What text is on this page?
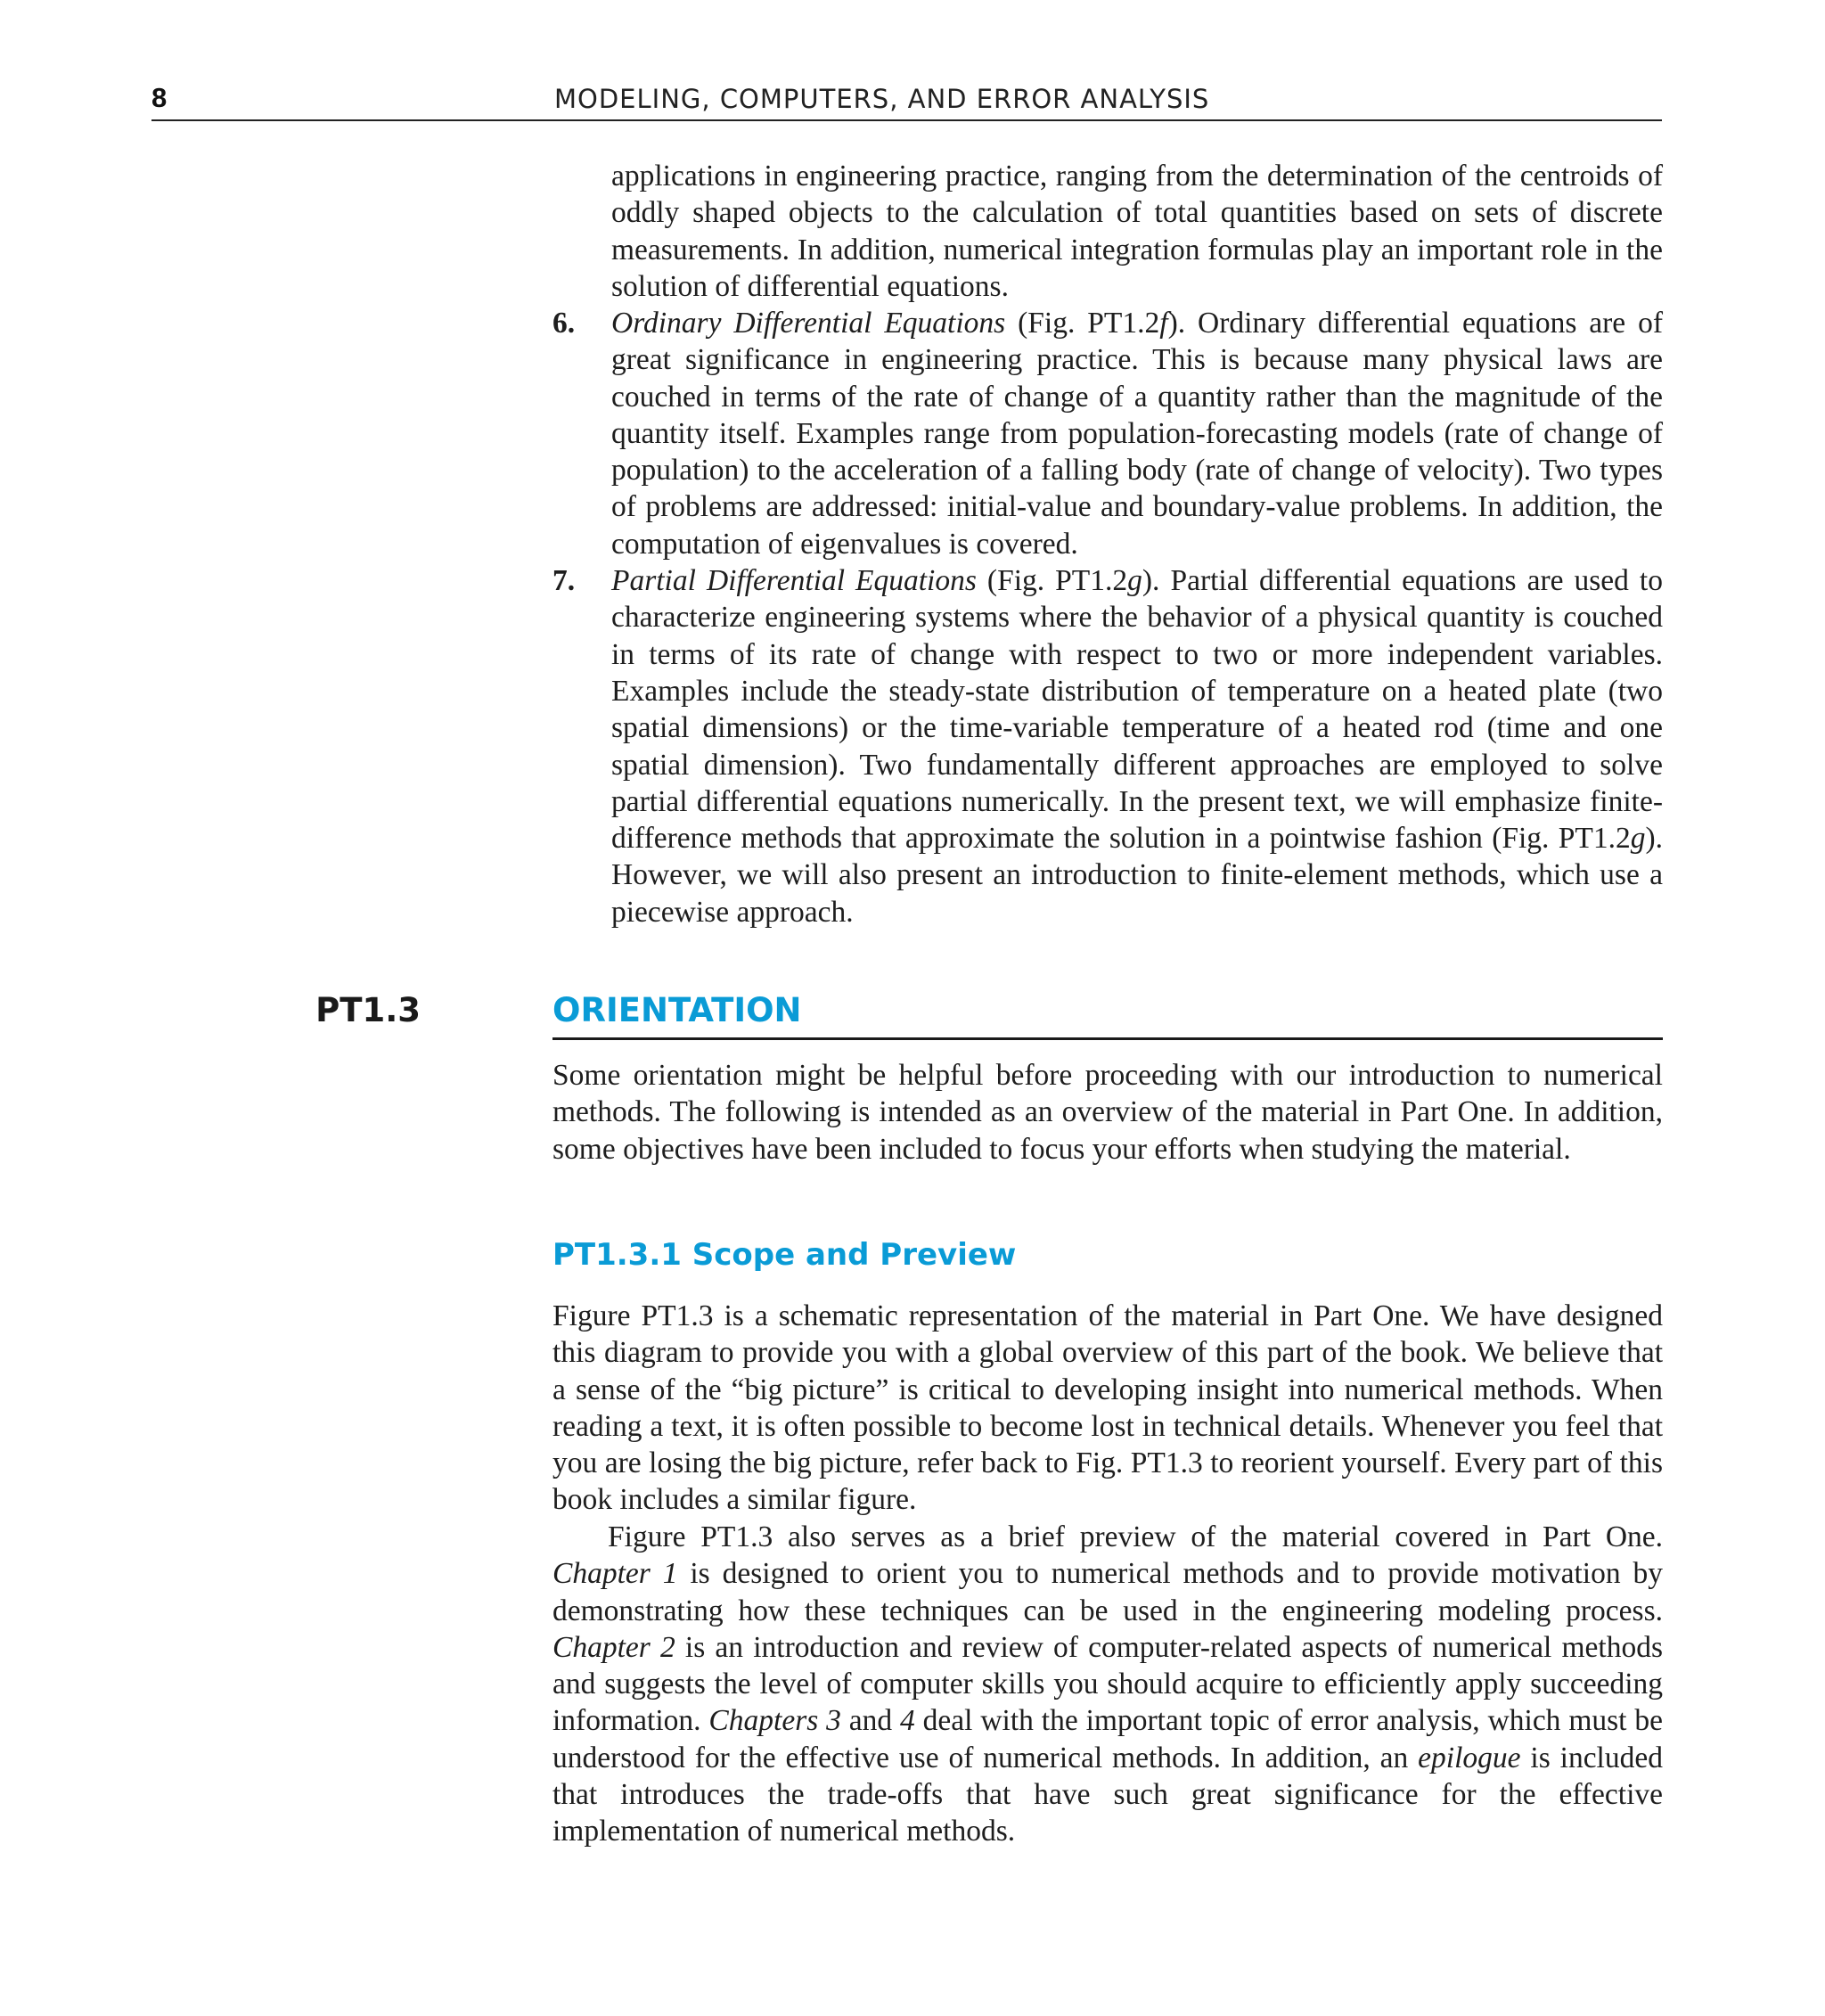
8	MODELING, COMPUTERS, AND ERROR ANALYSIS

applications in engineering practice, ranging from the determination of the centroids of oddly shaped objects to the calculation of total quantities based on sets of discrete measurements. In addition, numerical integration formulas play an important role in the solution of differential equations.

6. Ordinary Differential Equations (Fig. PT1.2f). Ordinary differential equations are of great significance in engineering practice. This is because many physical laws are couched in terms of the rate of change of a quantity rather than the magnitude of the quantity itself. Examples range from population-forecasting models (rate of change of population) to the acceleration of a falling body (rate of change of velocity). Two types of problems are addressed: initial-value and boundary-value problems. In addition, the computation of eigenvalues is covered.
7. Partial Differential Equations (Fig. PT1.2g). Partial differential equations are used to characterize engineering systems where the behavior of a physical quantity is couched in terms of its rate of change with respect to two or more independent variables. Examples include the steady-state distribution of temperature on a heated plate (two spatial dimensions) or the time-variable temperature of a heated rod (time and one spatial dimension). Two fundamentally different approaches are employed to solve partial differential equations numerically. In the present text, we will emphasize finite-difference methods that approximate the solution in a pointwise fashion (Fig. PT1.2g). However, we will also present an introduction to finite-element methods, which use a piecewise approach.
PT1.3	ORIENTATION

Some orientation might be helpful before proceeding with our introduction to numerical methods. The following is intended as an overview of the material in Part One. In addition, some objectives have been included to focus your efforts when studying the material.

PT1.3.1 Scope and Preview

Figure PT1.3 is a schematic representation of the material in Part One. We have designed this diagram to provide you with a global overview of this part of the book. We believe that a sense of the “big picture” is critical to developing insight into numerical methods. When reading a text, it is often possible to become lost in technical details. Whenever you feel that you are losing the big picture, refer back to Fig. PT1.3 to reorient yourself. Every part of this book includes a similar figure.

Figure PT1.3 also serves as a brief preview of the material covered in Part One. Chapter 1 is designed to orient you to numerical methods and to provide motivation by demonstrating how these techniques can be used in the engineering modeling process. Chapter 2 is an introduction and review of computer-related aspects of numerical methods and suggests the level of computer skills you should acquire to efficiently apply succeeding information. Chapters 3 and 4 deal with the important topic of error analysis, which must be understood for the effective use of numerical methods. In addition, an epilogue is included that introduces the trade-offs that have such great significance for the effective implementation of numerical methods.
